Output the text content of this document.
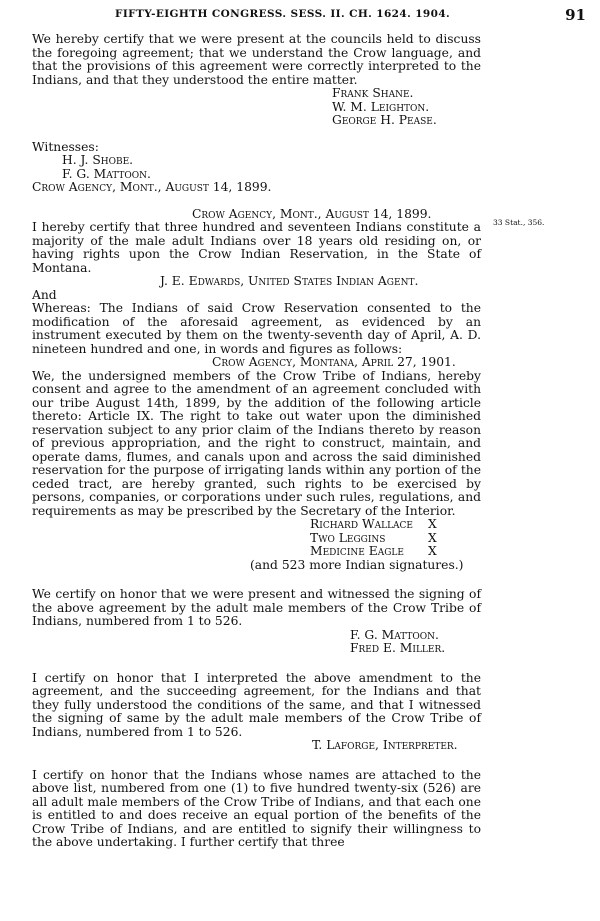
FIFTY-EIGHTH CONGRESS. SESS. II. CH. 1624. 1904.	91
33 Stat., 356.

We hereby certify that we were present at the councils held to discuss the foregoing agreement; that we understand the Crow language, and that the provisions of this agreement were correctly interpreted to the Indians, and that they understood the entire matter.

Frank Shane.
W. M. Leighton.
George H. Pease.
Witnesses:
H. J. Shobe.
F. G. Mattoon.
Crow Agency, Mont., August 14, 1899.
Crow Agency, Mont., August 14, 1899.

I hereby certify that three hundred and seventeen Indians constitute a majority of the male adult Indians over 18 years old residing on, or having rights upon the Crow Indian Reservation, in the State of Montana.

J. E. Edwards, United States Indian Agent.
And

Whereas: The Indians of said Crow Reservation consented to the modification of the aforesaid agreement, as evidenced by an instrument executed by them on the twenty-seventh day of April, A. D. nineteen hundred and one, in words and figures as follows:

Crow Agency, Montana, April 27, 1901.

We, the undersigned members of the Crow Tribe of Indians, hereby consent and agree to the amendment of an agreement concluded with our tribe August 14th, 1899, by the addition of the following article thereto: Article IX. The right to take out water upon the diminished reservation subject to any prior claim of the Indians thereto by reason of previous appropriation, and the right to construct, maintain, and operate dams, flumes, and canals upon and across the said diminished reservation for the purpose of irrigating lands within any portion of the ceded tract, are hereby granted, such rights to be exercised by persons, companies, or corporations under such rules, regulations, and requirements as may be prescribed by the Secretary of the Interior.

Richard Wallace X
Two Leggins	X
Medicine Eagle X
(and 523 more Indian signatures.)

We certify on honor that we were present and witnessed the signing of the above agreement by the adult male members of the Crow Tribe of Indians, numbered from 1 to 526.

F. G. Mattoon.
Fred E. Miller.

I certify on honor that I interpreted the above amendment to the agreement, and the succeeding agreement, for the Indians and that they fully understood the conditions of the same, and that I witnessed the signing of same by the adult male members of the Crow Tribe of Indians, numbered from 1 to 526.

T. Laforge, Interpreter.

I certify on honor that the Indians whose names are attached to the above list, numbered from one (1) to five hundred twenty-six (526) are all adult male members of the Crow Tribe of Indians, and that each one is entitled to and does receive an equal portion of the benefits of the Crow Tribe of Indians, and are entitled to signify their willingness to the above undertaking. I further certify that three
